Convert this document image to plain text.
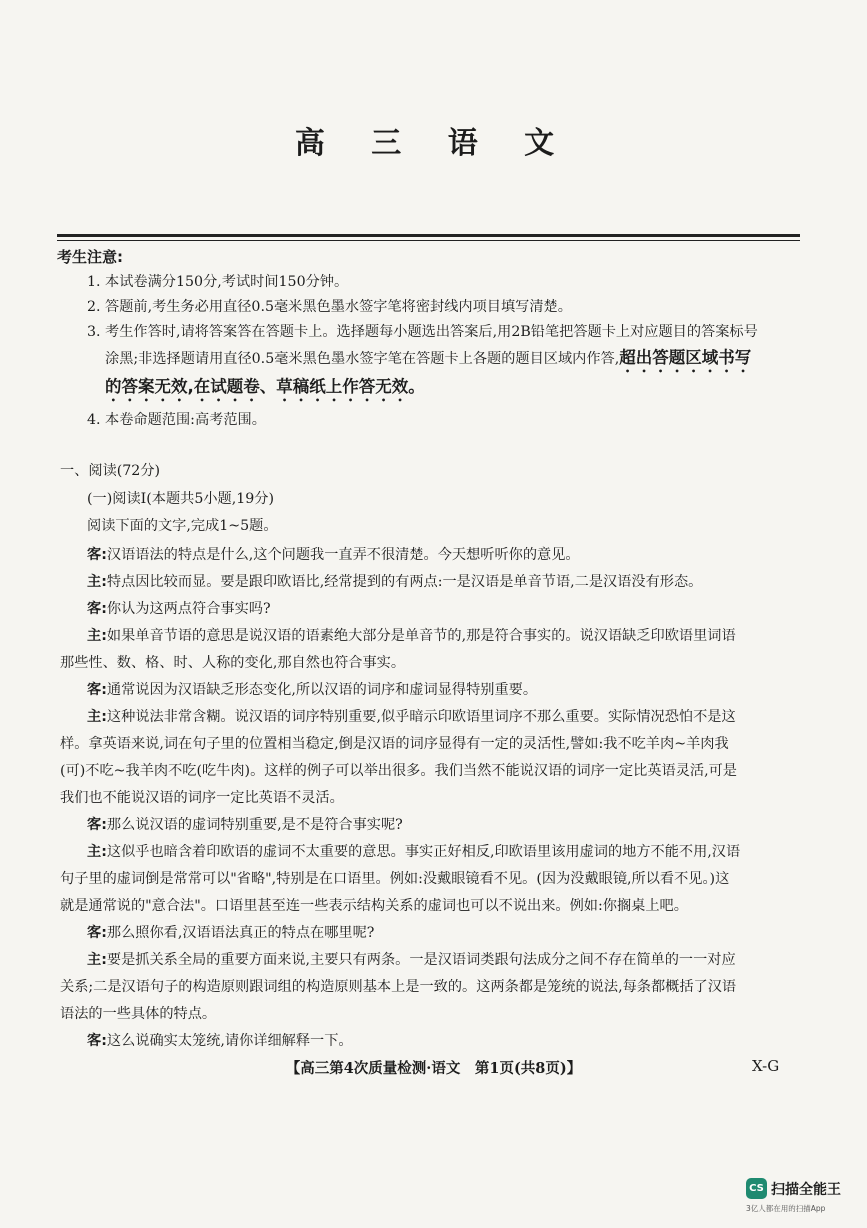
高 三 语 文
考生注意:
1. 本试卷满分150分,考试时间150分钟。
2. 答题前,考生务必用直径0.5毫米黑色墨水签字笔将密封线内项目填写清楚。
3. 考生作答时,请将答案答在答题卡上。选择题每小题选出答案后,用2B铅笔把答题卡上对应题目的答案标号
涂黑;非选择题请用直径0.5毫米黑色墨水签字笔在答题卡上各题的题目区域内作答,超出答题区域书写
的答案无效,在试题卷、草稿纸上作答无效。
4. 本卷命题范围:高考范围。
一、阅读(72分)
(一)阅读Ⅰ(本题共5小题,19分)
阅读下面的文字,完成1~5题。
客:汉语语法的特点是什么,这个问题我一直弄不很清楚。今天想听听你的意见。
主:特点因比较而显。要是跟印欧语比,经常提到的有两点:一是汉语是单音节语,二是汉语没有形态。
客:你认为这两点符合事实吗?
主:如果单音节语的意思是说汉语的语素绝大部分是单音节的,那是符合事实的。说汉语缺乏印欧语里词语
那些性、数、格、时、人称的变化,那自然也符合事实。
客:通常说因为汉语缺乏形态变化,所以汉语的词序和虚词显得特别重要。
主:这种说法非常含糊。说汉语的词序特别重要,似乎暗示印欧语里词序不那么重要。实际情况恐怕不是这
样。拿英语来说,词在句子里的位置相当稳定,倒是汉语的词序显得有一定的灵活性,譬如:我不吃羊肉~羊肉我
(可)不吃~我羊肉不吃(吃牛肉)。这样的例子可以举出很多。我们当然不能说汉语的词序一定比英语灵活,可是
我们也不能说汉语的词序一定比英语不灵活。
客:那么说汉语的虚词特别重要,是不是符合事实呢?
主:这似乎也暗含着印欧语的虚词不太重要的意思。事实正好相反,印欧语里该用虚词的地方不能不用,汉语
句子里的虚词倒是常常可以"省略",特别是在口语里。例如:没戴眼镜看不见。(因为没戴眼镜,所以看不见。)这
就是通常说的"意合法"。口语里甚至连一些表示结构关系的虚词也可以不说出来。例如:你搁桌上吧。
客:那么照你看,汉语语法真正的特点在哪里呢?
主:要是抓关系全局的重要方面来说,主要只有两条。一是汉语词类跟句法成分之间不存在简单的一一对应
关系;二是汉语句子的构造原则跟词组的构造原则基本上是一致的。这两条都是笼统的说法,每条都概括了汉语
语法的一些具体的特点。
客:这么说确实太笼统,请你详细解释一下。
【高三第4次质量检测·语文　第1页(共8页)】	X-G
CS 扫描全能王
3亿人都在用的扫描App
